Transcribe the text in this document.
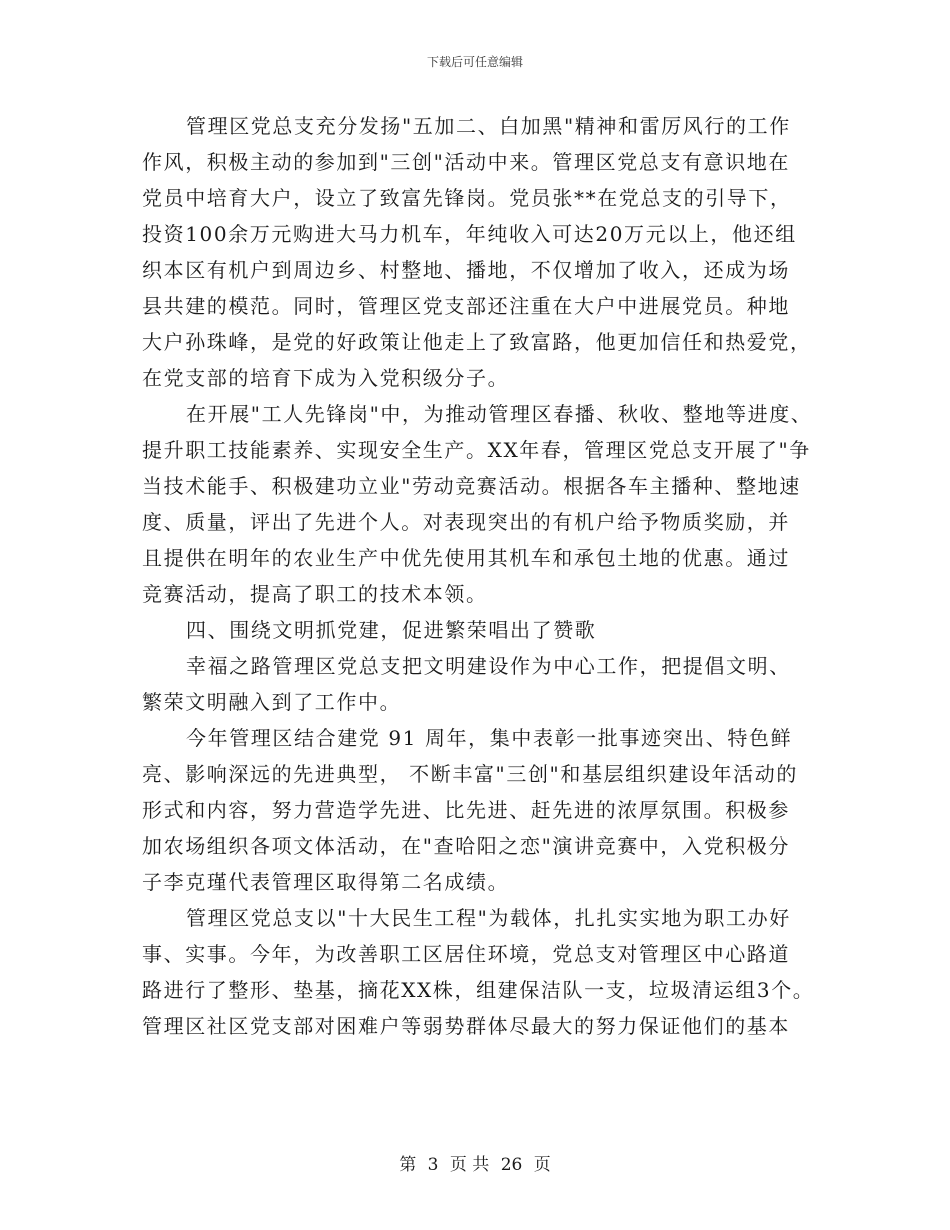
下载后可任意编辑
管理区党总支充分发扬"五加二、白加黑"精神和雷厉风行的工作
作风，积极主动的参加到"三创"活动中来。管理区党总支有意识地在
党员中培育大户，设立了致富先锋岗。党员张**在党总支的引导下，
投资100余万元购进大马力机车，年纯收入可达20万元以上，他还组
织本区有机户到周边乡、村整地、播地，不仅增加了收入，还成为场
县共建的模范。同时，管理区党支部还注重在大户中进展党员。种地
大户孙珠峰，是党的好政策让他走上了致富路，他更加信任和热爱党，
在党支部的培育下成为入党积级分子。
在开展"工人先锋岗"中，为推动管理区春播、秋收、整地等进度、
提升职工技能素养、实现安全生产。XX年春，管理区党总支开展了"争
当技术能手、积极建功立业"劳动竞赛活动。根据各车主播种、整地速
度、质量，评出了先进个人。对表现突出的有机户给予物质奖励，并
且提供在明年的农业生产中优先使用其机车和承包土地的优惠。通过
竞赛活动，提高了职工的技术本领。
四、围绕文明抓党建，促进繁荣唱出了赞歌
幸福之路管理区党总支把文明建设作为中心工作，把提倡文明、
繁荣文明融入到了工作中。
今年管理区结合建党 91 周年，集中表彰一批事迹突出、特色鲜
亮、影响深远的先进典型， 不断丰富"三创"和基层组织建设年活动的
形式和内容，努力营造学先进、比先进、赶先进的浓厚氛围。积极参
加农场组织各项文体活动，在"查哈阳之恋"演讲竞赛中，入党积极分
子李克瑾代表管理区取得第二名成绩。
管理区党总支以"十大民生工程"为载体，扎扎实实地为职工办好
事、实事。今年，为改善职工区居住环境，党总支对管理区中心路道
路进行了整形、垫基，摘花XX株，组建保洁队一支，垃圾清运组3个。
管理区社区党支部对困难户等弱势群体尽最大的努力保证他们的基本
第 3 页 共 26 页
